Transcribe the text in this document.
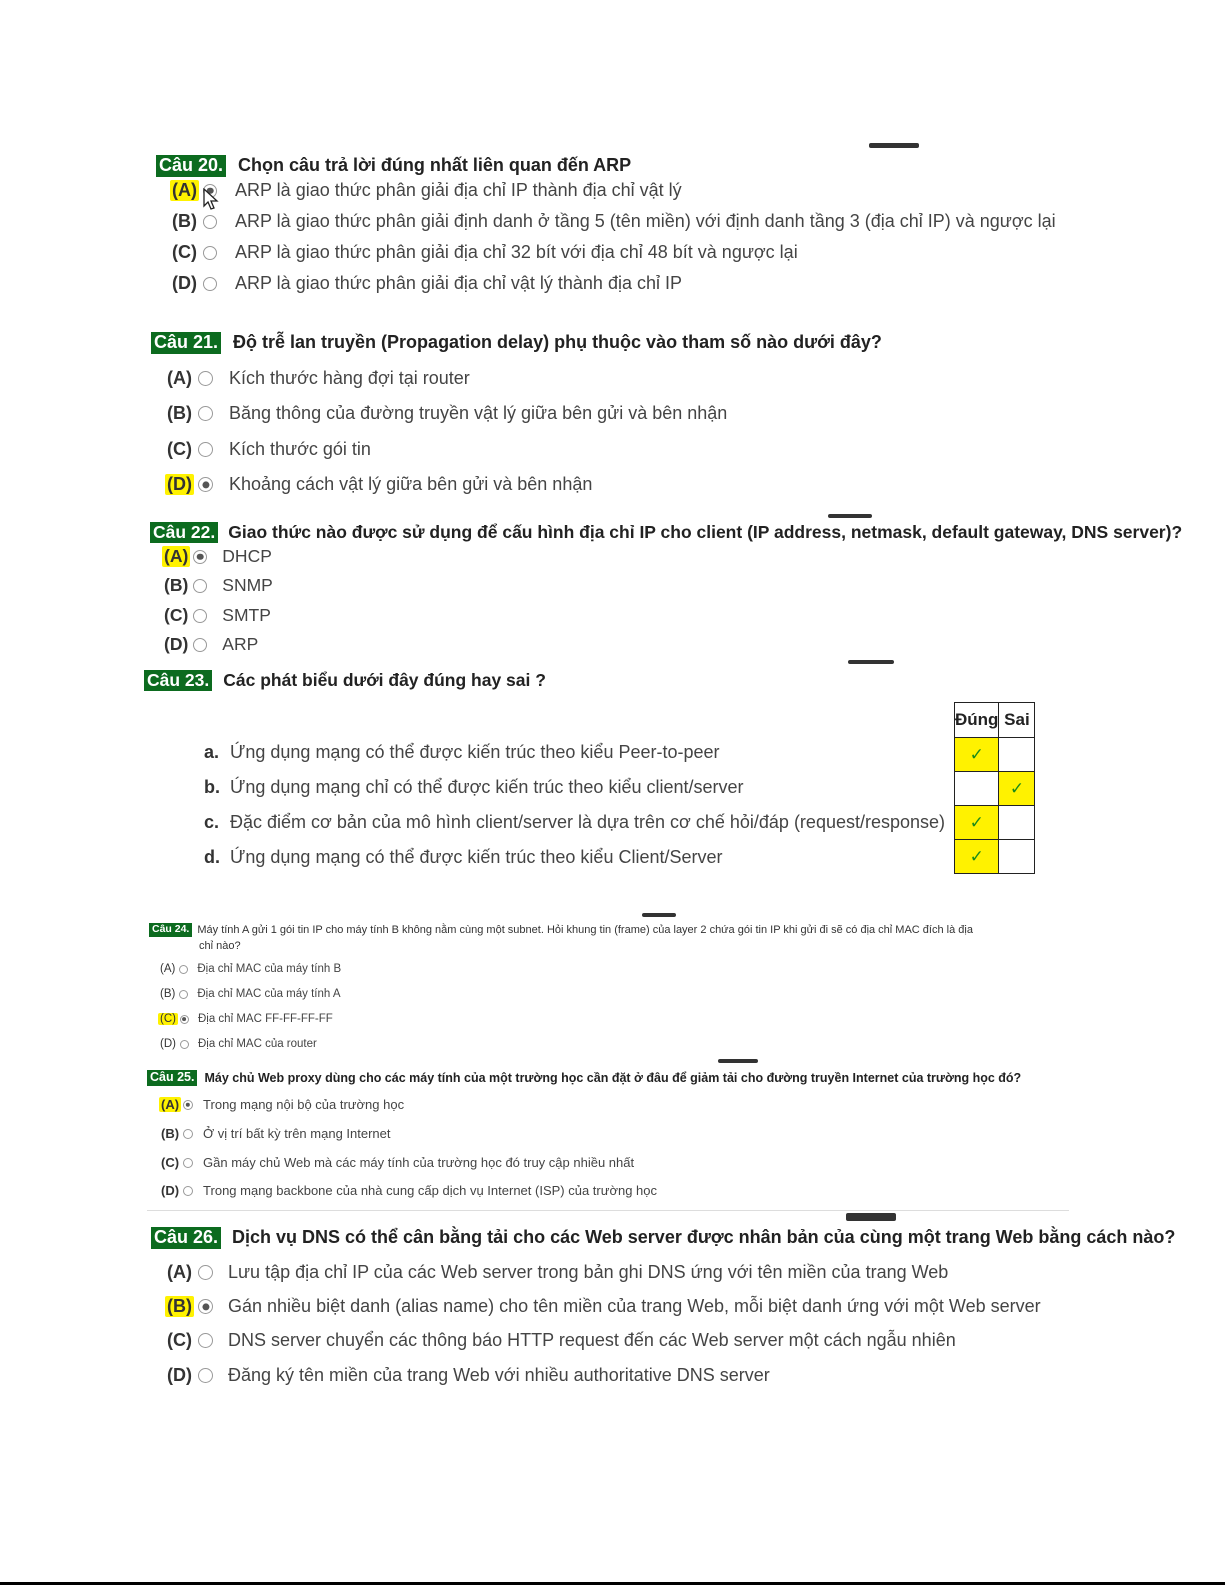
Câu 20. Chọn câu trả lời đúng nhất liên quan đến ARP
(A) ARP là giao thức phân giải địa chỉ IP thành địa chỉ vật lý
(B) ARP là giao thức phân giải định danh ở tầng 5 (tên miền) với định danh tầng 3 (địa chỉ IP) và ngược lại
(C) ARP là giao thức phân giải địa chỉ 32 bít với địa chỉ 48 bít và ngược lại
(D) ARP là giao thức phân giải địa chỉ vật lý thành địa chỉ IP
Câu 21. Độ trễ lan truyền (Propagation delay) phụ thuộc vào tham số nào dưới đây?
(A) Kích thước hàng đợi tại router
(B) Băng thông của đường truyền vật lý giữa bên gửi và bên nhận
(C) Kích thước gói tin
(D) Khoảng cách vật lý giữa bên gửi và bên nhận
Câu 22. Giao thức nào được sử dụng để cấu hình địa chỉ IP cho client (IP address, netmask, default gateway, DNS server)?
(A) DHCP
(B) SNMP
(C) SMTP
(D) ARP
Câu 23. Các phát biểu dưới đây đúng hay sai ?
a. Ứng dụng mạng có thể được kiến trúc theo kiểu Peer-to-peer
b. Ứng dụng mạng chỉ có thể được kiến trúc theo kiểu client/server
c. Đặc điểm cơ bản của mô hình client/server là dựa trên cơ chế hỏi/đáp (request/response)
d. Ứng dụng mạng có thể được kiến trúc theo kiểu Client/Server
Đúng	Sai
✓	
	✓
✓	
✓	
Câu 24. Máy tính A gửi 1 gói tin IP cho máy tính B không nằm cùng một subnet. Hỏi khung tin (frame) của layer 2 chứa gói tin IP khi gửi đi sẽ có địa chỉ MAC đích là địa
chỉ nào?
(A) Địa chỉ MAC của máy tính B
(B) Địa chỉ MAC của máy tính A
(C) Địa chỉ MAC FF-FF-FF-FF
(D) Địa chỉ MAC của router
Câu 25. Máy chủ Web proxy dùng cho các máy tính của một trường học cần đặt ở đâu để giảm tải cho đường truyền Internet của trường học đó?
(A) Trong mạng nội bộ của trường học
(B) Ở vị trí bất kỳ trên mạng Internet
(C) Gần máy chủ Web mà các máy tính của trường học đó truy cập nhiều nhất
(D) Trong mạng backbone của nhà cung cấp dịch vụ Internet (ISP) của trường học
Câu 26. Dịch vụ DNS có thể cân bằng tải cho các Web server được nhân bản của cùng một trang Web bằng cách nào?
(A) Lưu tập địa chỉ IP của các Web server trong bản ghi DNS ứng với tên miền của trang Web
(B) Gán nhiều biệt danh (alias name) cho tên miền của trang Web, mỗi biệt danh ứng với một Web server
(C) DNS server chuyển các thông báo HTTP request đến các Web server một cách ngẫu nhiên
(D) Đăng ký tên miền của trang Web với nhiều authoritative DNS server
